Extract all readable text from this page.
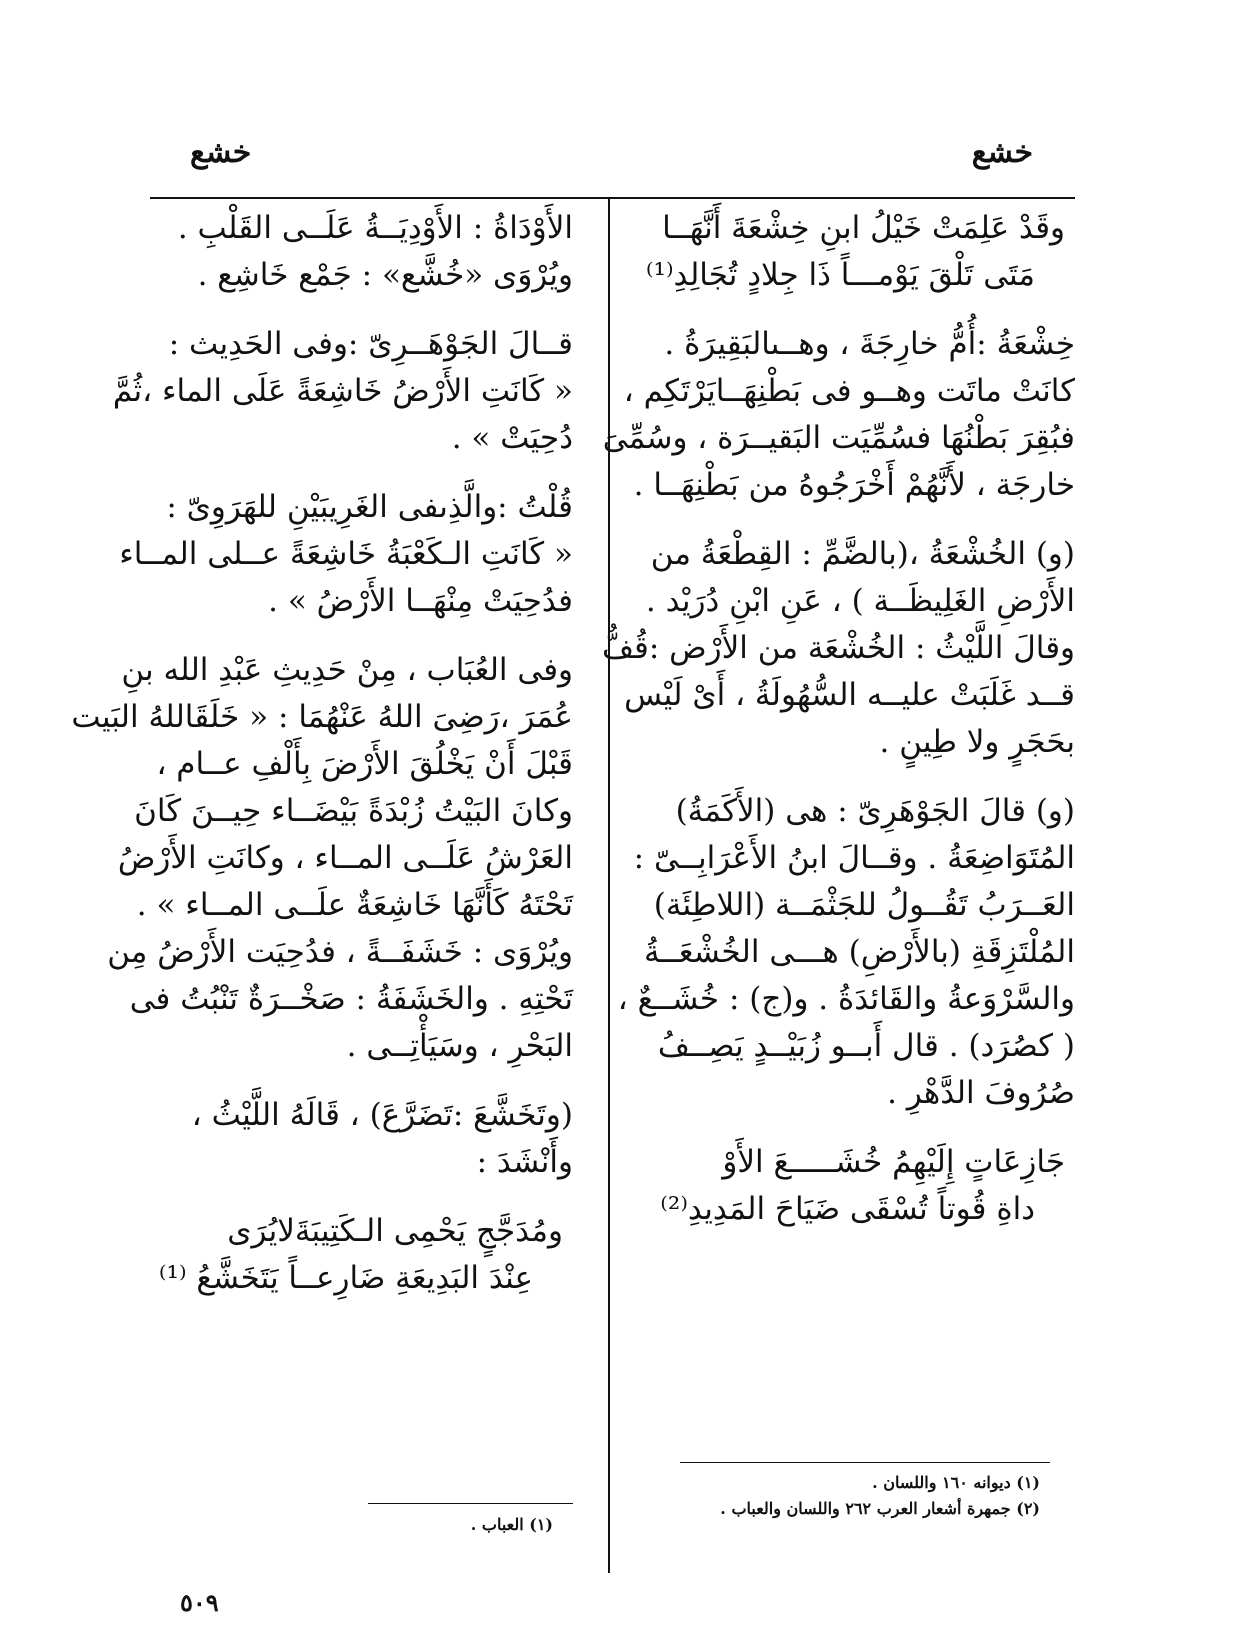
خشع
خشع
وقَدْ عَلِمَتْ خَيْلُ ابنِ خِشْعَةَ أَنَّهَــا
مَتَى تَلْقَ يَوْمـــاً ذَا جِلادٍ تُجَالِدِ⁽¹⁾
خِشْعَةُ :أُمُّ خارِجَةَ ، وهــىالبَقِيرَةُ .
كانَتْ ماتَت وهــو فى بَطْنِهَــايَرْتَكِم ،
فبُقِرَ بَطْنُهَا فسُمِّيَت البَقيــرَة ، وسُمِّىَ
خارجَة ، لأَنَّهُمْ أَخْرَجُوهُ من بَطْنِهَــا .
(و) الخُشْعَةُ ،(بالضَّمِّ : القِطْعَةُ من
الأَرْضِ الغَلِيظَــة ) ، عَنِ ابْنِ دُرَيْد .
وقالَ اللَّيْثُ : الخُشْعَة من الأَرْض :قُفٌّ
قــد غَلَبَتْ عليــه السُّهُولَةُ ، أَىْ لَيْس
بحَجَرٍ ولا طِينٍ .
(و) قالَ الجَوْهَرِىّ : هى (الأَكَمَةُ)
المُتَوَاضِعَةُ . وقــالَ ابنُ الأَعْرَابِــىّ :
العَــرَبُ تَقُــولُ للجَثْمَــة (اللاطِئَة)
المُلْتَزِقَةِ (بالأَرْضِ) هـــى الخُشْعَــةُ
والسَّرْوَعةُ والقَائدَةُ . و(ج) : خُشَــعٌ ،
( كصُرَد) . قال أَبــو زُبَيْــدٍ يَصِــفُ
صُرُوفَ الدَّهْرِ .
جَازِعَاتٍ إِلَيْهِمُ خُشَـــــعَ الأَوْ
داةِ قُوتاً تُسْقَى ضَيَاحَ المَدِيدِ⁽²⁾
الأَوْدَاةُ : الأَوْدِيَــةُ عَلَــى القَلْبِ .
ويُرْوَى «خُشَّع» : جَمْع خَاشِع .
قــالَ الجَوْهَــرِىّ :وفى الحَدِيث :
« كَانَتِ الأَرْضُ خَاشِعَةً عَلَى الماء ،ثُمَّ
دُحِيَتْ » .
قُلْتُ :والَّذِىفى الغَرِيبَيْنِ للهَرَوِىّ :
« كَانَتِ الـكَعْبَةُ خَاشِعَةً عــلى المــاء
فدُحِيَتْ مِنْهَــا الأَرْضُ » .
وفى العُبَاب ، مِنْ حَدِيثِ عَبْدِ الله بنِ
عُمَرَ ،رَضِىَ اللهُ عَنْهُمَا : « خَلَقَاللهُ البَيت
قَبْلَ أَنْ يَخْلُقَ الأَرْضَ بِأَلْفِ عــام ،
وكانَ البَيْتُ زُبْدَةً بَيْضَــاء حِيــنَ كَانَ
العَرْشُ عَلَــى المــاء ، وكانَتِ الأَرْضُ
تَحْتَهُ كَأَنَّهَا خَاشِعَةٌ علَــى المــاء » .
ويُرْوَى : خَشَفَــةً ، فدُحِيَت الأَرْضُ مِن
تَحْتِهِ . والخَشَفَةُ : صَخْــرَةٌ تَنْبُتُ فى
البَحْرِ ، وسَيَأْتِــى .
(وتَخَشَّعَ :تَضَرَّعَ) ، قَالَهُ اللَّيْثُ ،
وأَنْشَدَ :
ومُدَجَّجٍ يَحْمِى الـكَتِيبَةَلايُرَى
عِنْدَ البَدِيعَةِ ضَارِعــاً يَتَخَشَّعُ ⁽¹⁾
(١) ديوانه ١٦٠ واللسان .
(٢) جمهرة أشعار العرب ٢٦٢ واللسان والعباب .
(١) العباب .
٥٠٩
